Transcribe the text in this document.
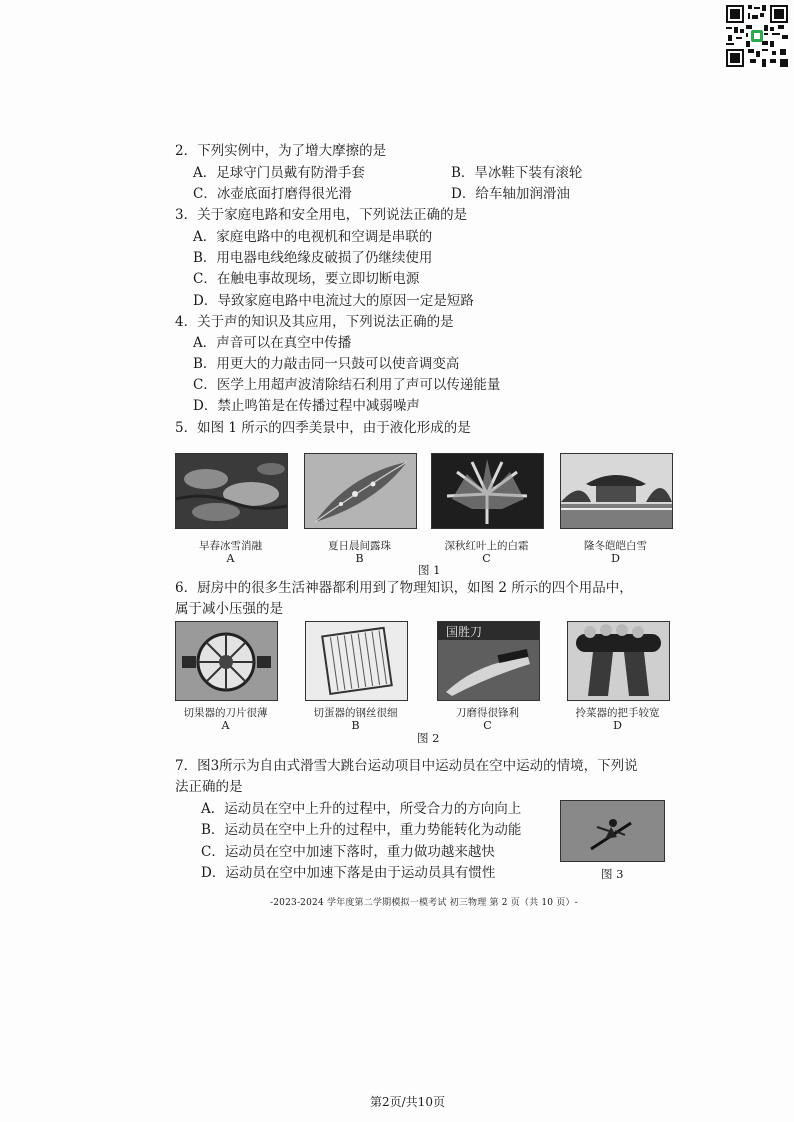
2．下列实例中，为了增大摩擦的是
A．足球守门员戴有防滑手套	B．旱冰鞋下装有滚轮
C．冰壶底面打磨得很光滑	D．给车轴加润滑油
3．关于家庭电路和安全用电，下列说法正确的是
A．家庭电路中的电视机和空调是串联的
B．用电器电线绝缘皮破损了仍继续使用
C．在触电事故现场，要立即切断电源
D．导致家庭电路中电流过大的原因一定是短路
4．关于声的知识及其应用，下列说法正确的是
A．声音可以在真空中传播
B．用更大的力敲击同一只鼓可以使音调变高
C．医学上用超声波清除结石利用了声可以传递能量
D．禁止鸣笛是在传播过程中减弱噪声
5．如图 1 所示的四季美景中，由于液化形成的是
早春冰雪消融	夏日晨间露珠	深秋红叶上的白霜	隆冬皑皑白雪
A	B	C	D
图 1
6．厨房中的很多生活神器都利用到了物理知识，如图 2 所示的四个用品中，
属于减小压强的是
国胜刀
切果器的刀片很薄	切蛋器的钢丝很细	刀磨得很锋利	拎菜器的把手较宽
A	B	C	D
图 2
7．图3所示为自由式滑雪大跳台运动项目中运动员在空中运动的情境，下列说
法正确的是
A．运动员在空中上升的过程中，所受合力的方向向上
B．运动员在空中上升的过程中，重力势能转化为动能
C．运动员在空中加速下落时，重力做功越来越快
D．运动员在空中加速下落是由于运动员具有惯性	图 3
-2023-2024 学年度第二学期模拟一模考试 初三物理 第 2 页（共 10 页）-
第2页/共10页
